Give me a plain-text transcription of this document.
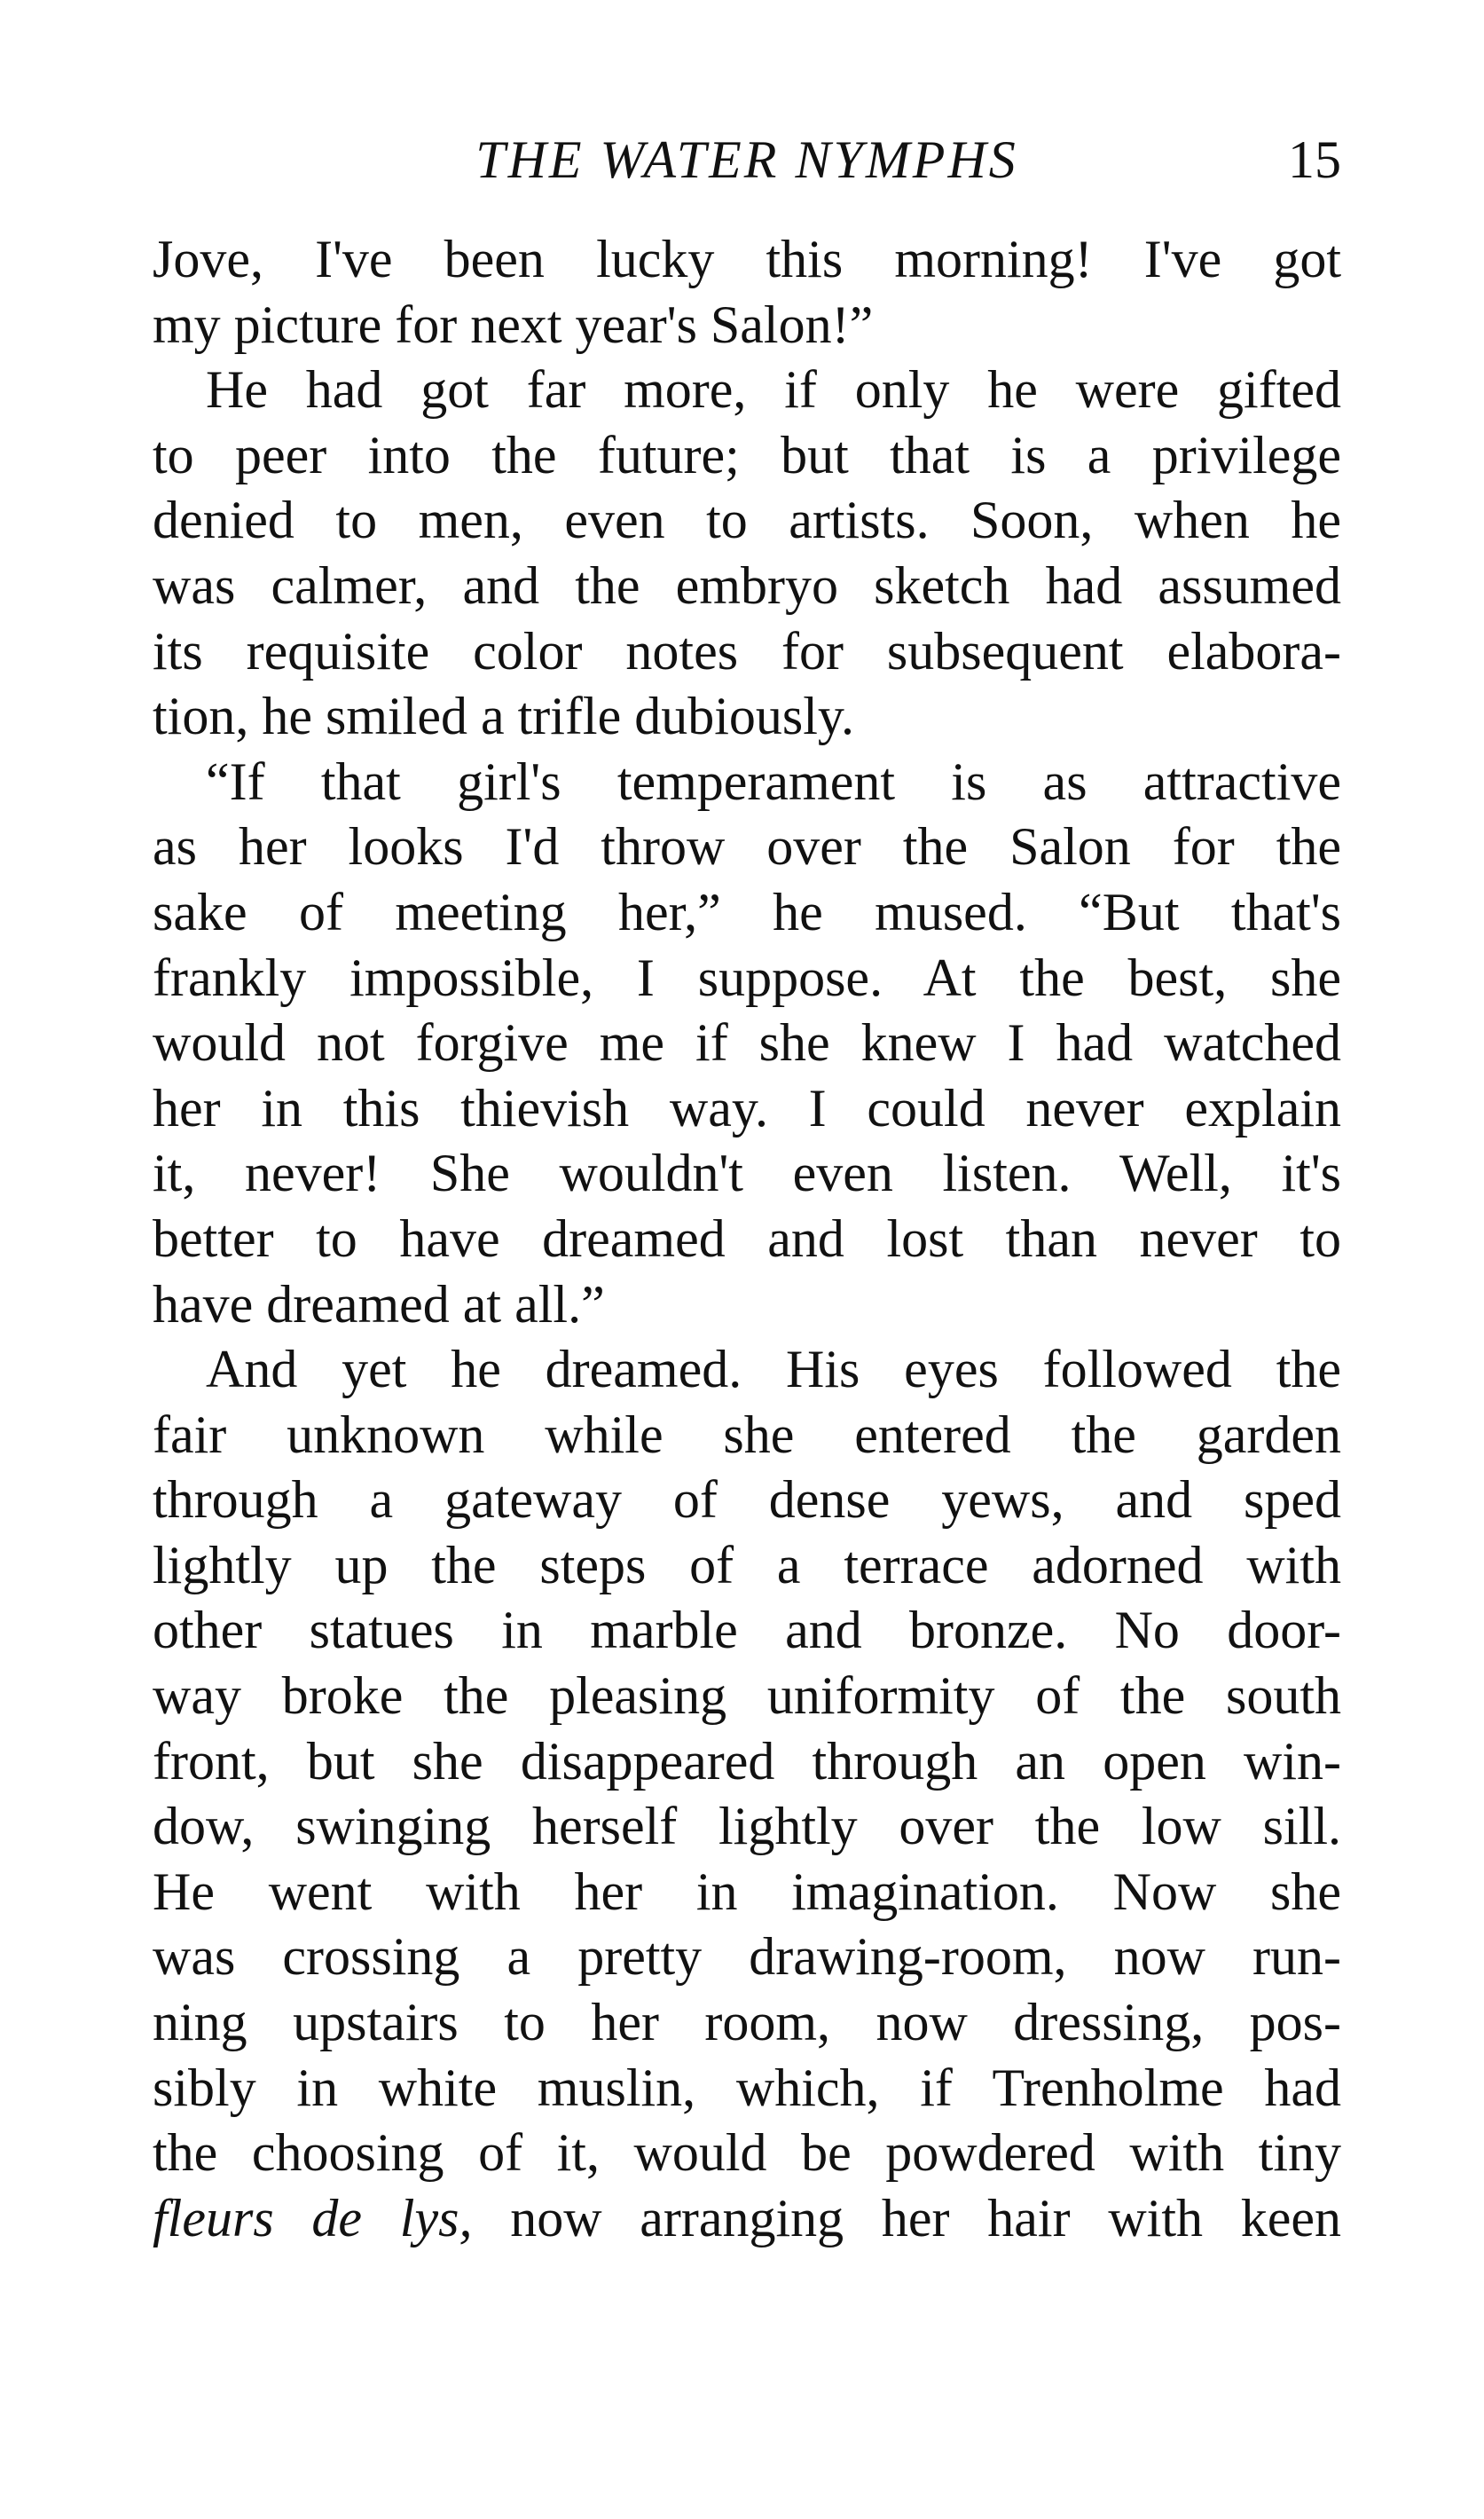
THE WATER NYMPHS	15
Jove, I've been lucky this morning! I've got
my picture for next year's Salon!”
He had got far more, if only he were gifted
to peer into the future; but that is a privilege
denied to men, even to artists. Soon, when he
was calmer, and the embryo sketch had assumed
its requisite color notes for subsequent elabora-
tion, he smiled a trifle dubiously.
“If that girl's temperament is as attractive
as her looks I'd throw over the Salon for the
sake of meeting her,” he mused. “But that's
frankly impossible, I suppose. At the best, she
would not forgive me if she knew I had watched
her in this thievish way. I could never explain
it, never! She wouldn't even listen. Well, it's
better to have dreamed and lost than never to
have dreamed at all.”
And yet he dreamed. His eyes followed the
fair unknown while she entered the garden
through a gateway of dense yews, and sped
lightly up the steps of a terrace adorned with
other statues in marble and bronze. No door-
way broke the pleasing uniformity of the south
front, but she disappeared through an open win-
dow, swinging herself lightly over the low sill.
He went with her in imagination. Now she
was crossing a pretty drawing-room, now run-
ning upstairs to her room, now dressing, pos-
sibly in white muslin, which, if Trenholme had
the choosing of it, would be powdered with tiny
fleurs de lys, now arranging her hair with keen
